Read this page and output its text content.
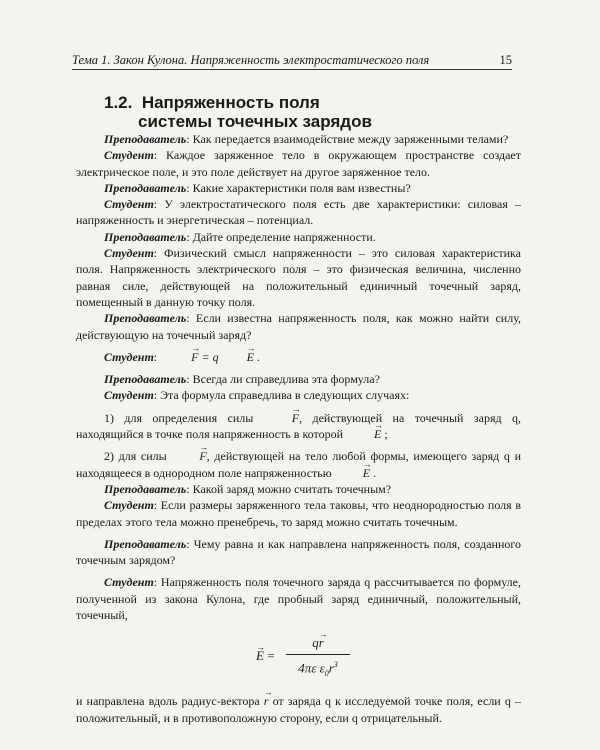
Тема 1. Закон Кулона. Напряженность электростатического поля	15
1.2. Напряженность поля
системы точечных зарядов

Преподаватель: Как передается взаимодействие между заряженными телами?

Студент: Каждое заряженное тело в окружающем пространстве создает электрическое поле, и это поле действует на другое заряженное тело.

Преподаватель: Какие характеристики поля вам известны?

Студент: У электростатического поля есть две характеристики: силовая – напряженность и энергетическая – потенциал.

Преподаватель: Дайте определение напряженности.

Студент: Физический смысл напряженности – это силовая характеристика поля. Напряженность электрического поля – это физическая величина, численно равная силе, действующей на положительный единичный точечный заряд, помещенный в данную точку поля.

Преподаватель: Если известна напряженность поля, как можно найти силу, действующую на точечный заряд?

Студент:  → F = q→ E .

Преподаватель: Всегда ли справедлива эта формула?

Студент: Эта формула справедлива в следующих случаях:

1) для определения силы → F, действующей на точечный заряд q, находящийся в точке поля напряженность в которой → E ;

2) для силы → F, действующей на тело любой формы, имеющего заряд q и находящееся в однородном поле напряженностью → E .

Преподаватель: Какой заряд можно считать точечным?

Студент: Если размеры заряженного тела таковы, что неоднородностью поля в пределах этого тела можно пренебречь, то заряд можно считать точечным.

Преподаватель: Чему равна и как направлена напряженность поля, созданного точечным зарядом?

Студент: Напряженность поля точечного заряда q рассчитывается по формуле, полученной из закона Кулона, где пробный заряд единичный, положительный, точечный,

→ $E = \frac{q\to r}{4\pi\varepsilon \varepsilon_0r^3}$

и направлена вдоль радиус-вектора → r от заряда q к исследуемой точке поля, если q – положительный, и в противоположную сторону, если q отрицательный.
